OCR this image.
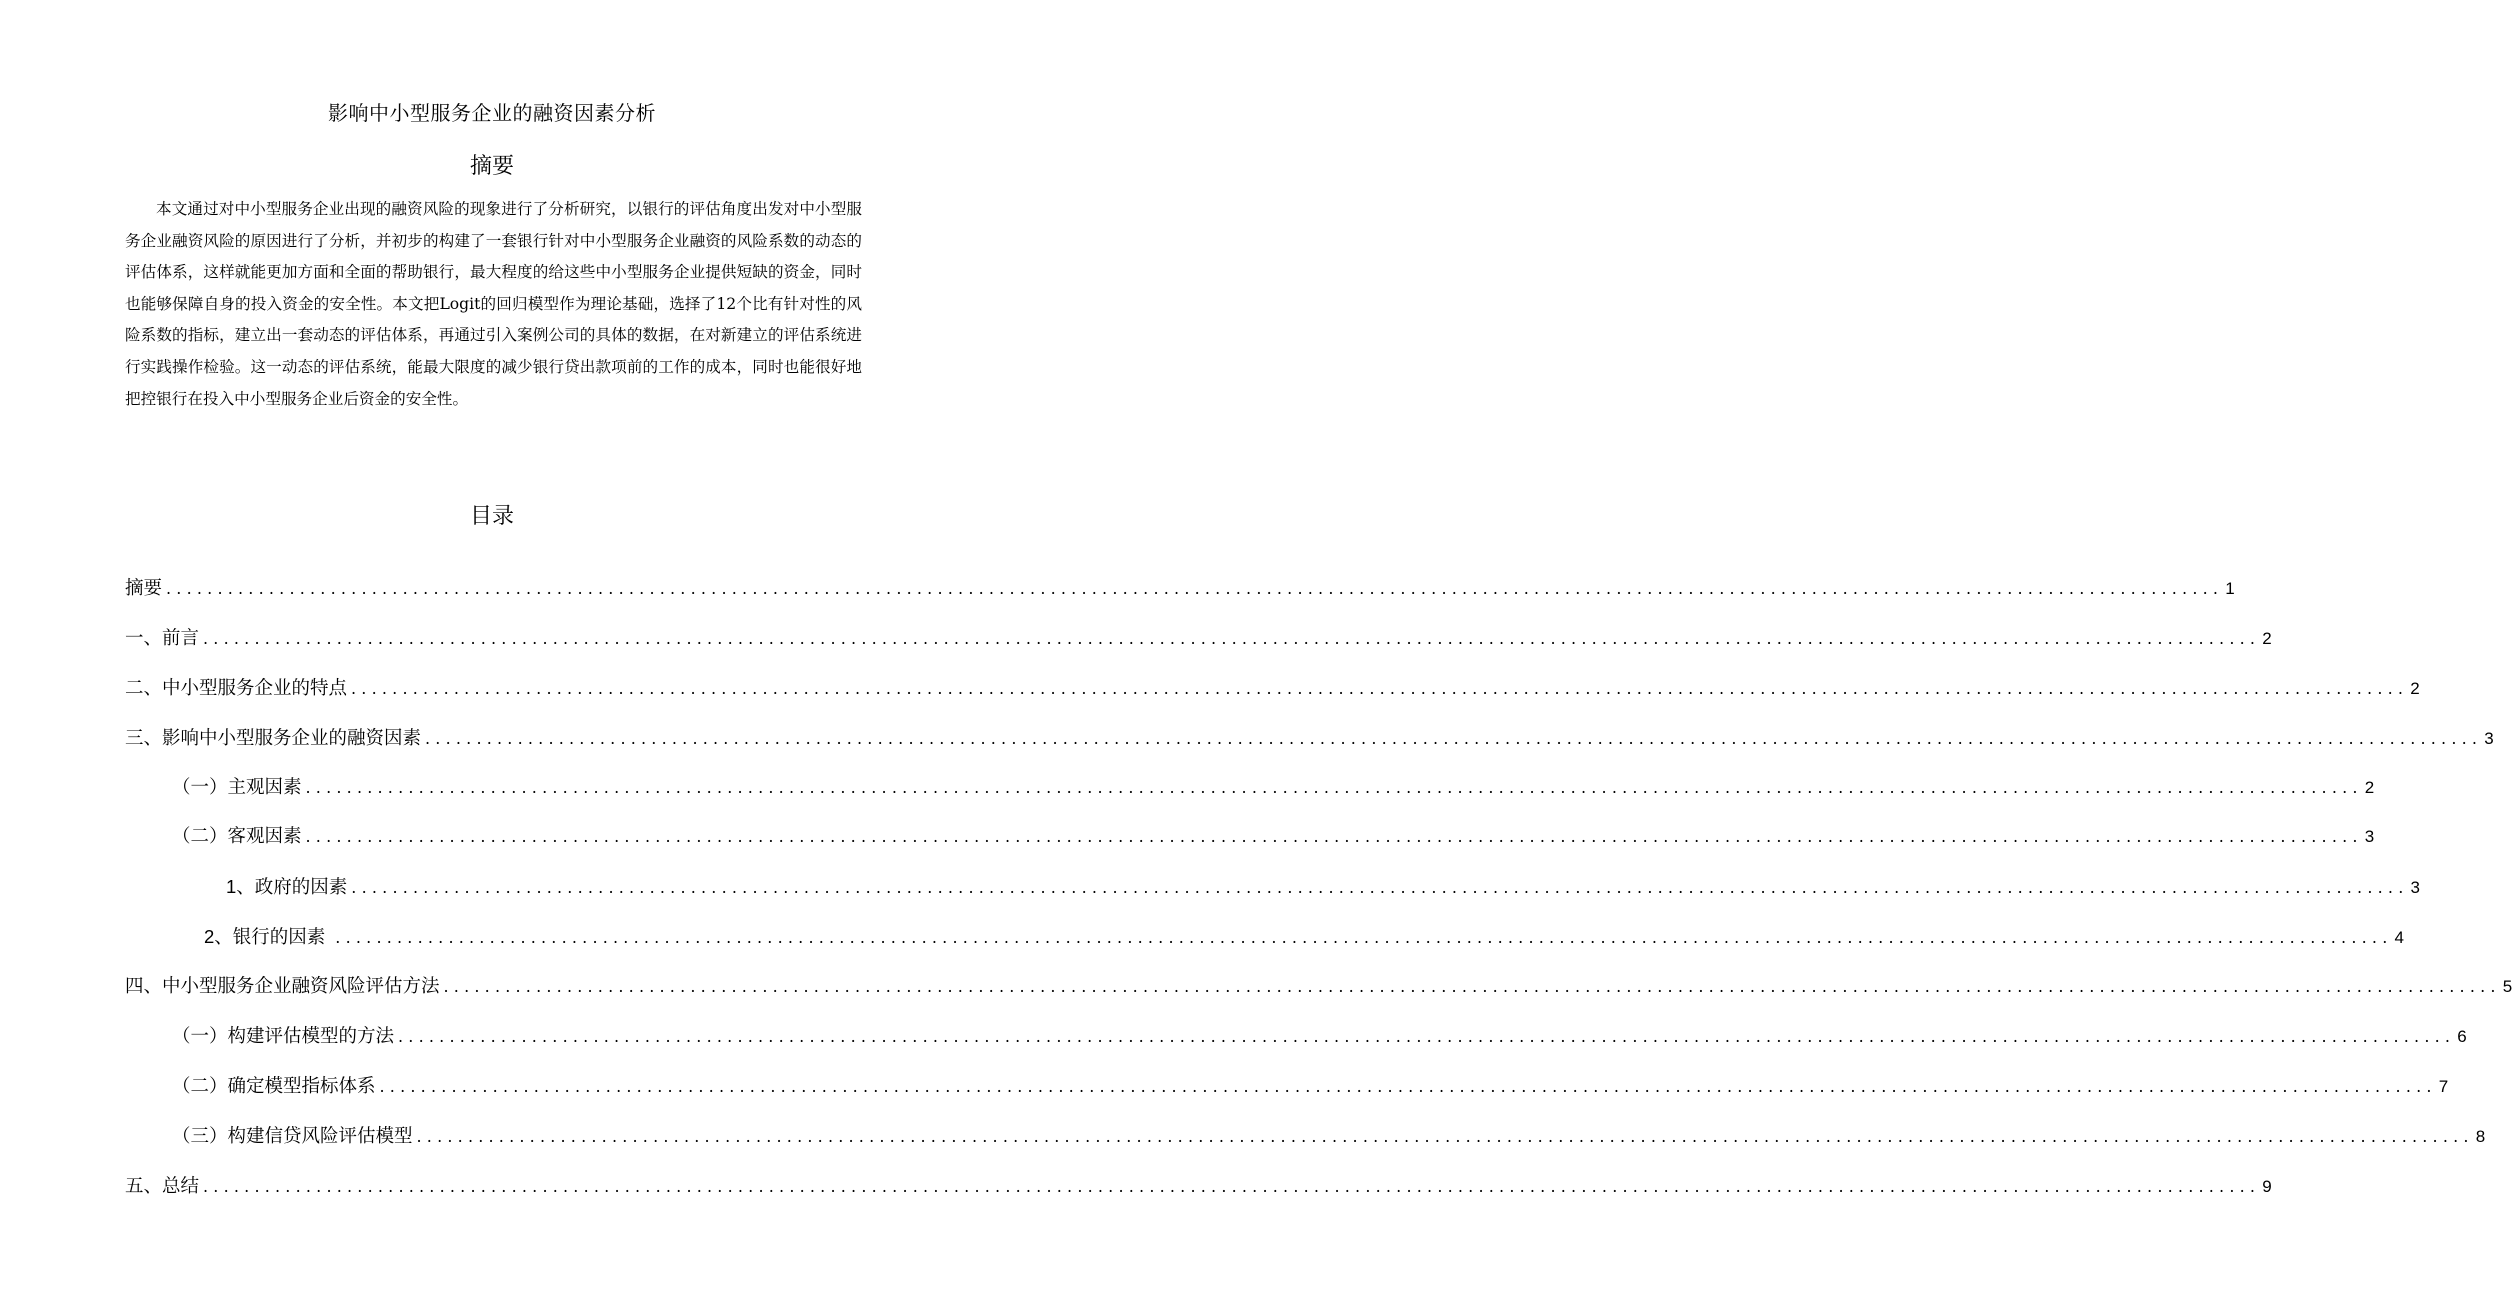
影响中小型服务企业的融资因素分析
摘要

本文通过对中小型服务企业出现的融资风险的现象进行了分析研究，以银行的评估角度出发对中小型服务企业融资风险的原因进行了分析，并初步的构建了一套银行针对中小型服务企业融资的风险系数的动态的评估体系，这样就能更加方面和全面的帮助银行，最大程度的给这些中小型服务企业提供短缺的资金，同时也能够保障自身的投入资金的安全性。本文把Logit的回归模型作为理论基础，选择了12个比有针对性的风险系数的指标，建立出一套动态的评估体系，再通过引入案例公司的具体的数据，在对新建立的评估系统进行实践操作检验。这一动态的评估系统，能最大限度的减少银行贷出款项前的工作的成本，同时也能很好地把控银行在投入中小型服务企业后资金的安全性。

目录
摘要 ........................................................................................................................................................................................................ 1
一、前言 ........................................................................................................................................................................................................ 2
二、中小型服务企业的特点 ........................................................................................................................................................................................................ 2
三、影响中小型服务企业的融资因素 ........................................................................................................................................................................................................ 3
（一）主观因素 ........................................................................................................................................................................................................ 2
（二）客观因素 ........................................................................................................................................................................................................ 3
1、政府的因素 ........................................................................................................................................................................................................ 3
2、银行的因素 ........................................................................................................................................................................................................ 4
四、中小型服务企业融资风险评估方法 ........................................................................................................................................................................................................ 5
（一）构建评估模型的方法 ........................................................................................................................................................................................................ 6
（二）确定模型指标体系 ........................................................................................................................................................................................................ 7
（三）构建信贷风险评估模型 ........................................................................................................................................................................................................ 8
五、总结 ........................................................................................................................................................................................................ 9
